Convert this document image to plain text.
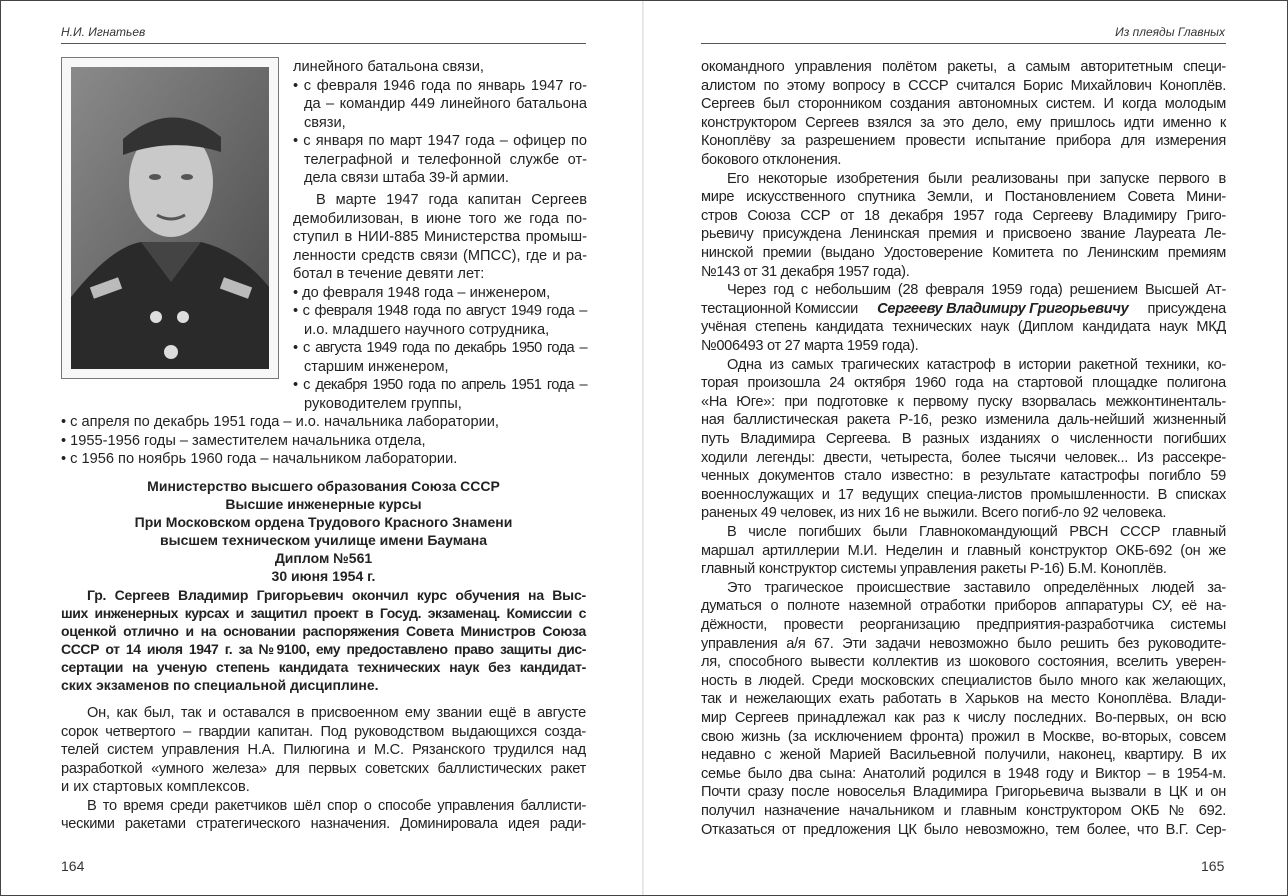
Н.И. Игнатьев
линейного батальона связи,
• с февраля 1946 года по январь 1947 го-
да – командир 449 линейного батальона
связи,
• с января по март 1947 года – офицер по
телеграфной и телефонной службе от-
дела связи штаба 39-й армии.
В марте 1947 года капитан Сергеев
демобилизован, в июне того же года по-
ступил в НИИ-885 Министерства промыш-
ленности средств связи (МПСС), где и ра-
ботал в течение девяти лет:
• до февраля 1948 года – инженером,
• с февраля 1948 года по август 1949 года –
и.о. младшего научного сотрудника,
• с августа 1949 года по декабрь 1950 года –
старшим инженером,
• с декабря 1950 года по апрель 1951 года –
руководителем группы,
• с апреля по декабрь 1951 года – и.о. начальника лаборатории,
• 1955-1956 годы – заместителем начальника отдела,
• с 1956 по ноябрь 1960 года – начальником лаборатории.
Министерство высшего образования Союза СССР
Высшие инженерные курсы
При Московском ордена Трудового Красного Знамени
высшем техническом училище имени Баумана
Диплом №561
30 июня 1954 г.
Гр. Сергеев Владимир Григорьевич окончил курс обучения на Выс-
ших инженерных курсах и защитил проект в Госуд. экзаменац. Комиссии с
оценкой отлично и на основании распоряжения Совета Министров Союза
СССР от 14 июля 1947 г. за №9100, ему предоставлено право защиты дис-
сертации на ученую степень кандидата технических наук без кандидат-
ских экзаменов по специальной дисциплине.
Он, как был, так и оставался в присвоенном ему звании ещё в августе
сорок четвертого – гвардии капитан. Под руководством выдающихся созда-
телей систем управления Н.А. Пилюгина и М.С. Рязанского трудился над
разработкой «умного железа» для первых советских баллистических ракет
и их стартовых комплексов.
В то время среди ракетчиков шёл спор о способе управления баллисти-
ческими ракетами стратегического назначения. Доминировала идея ради-
164
Из плеяды Главных
окомандного управления полётом ракеты, а самым авторитетным специ-
алистом по этому вопросу в СССР считался Борис Михайлович Коноплёв.
Сергеев был сторонником создания автономных систем. И когда молодым
конструктором Сергеев взялся за это дело, ему пришлось идти именно к
Коноплёву за разрешением провести испытание прибора для измерения
бокового отклонения.
Его некоторые изобретения были реализованы при запуске первого в
мире искусственного спутника Земли, и Постановлением Совета Мини-
стров Союза ССР от 18 декабря 1957 года Сергееву Владимиру Григо-
рьевичу присуждена Ленинская премия и присвоено звание Лауреата Ле-
нинской премии (выдано Удостоверение Комитета по Ленинским премиям
№143 от 31 декабря 1957 года).
Через год с небольшим (28 февраля 1959 года) решением Высшей Ат-
учёная степень кандидата технических наук (Диплом кандидата наук МКД
№006493 от 27 марта 1959 года).
Одна из самых трагических катастроф в истории ракетной техники, ко-
торая произошла 24 октября 1960 года на стартовой площадке полигона
«На Юге»: при подготовке к первому пуску взорвалась межконтиненталь-
ная баллистическая ракета Р-16, резко изменила даль-нейший жизненный
путь Владимира Сергеева. В разных изданиях о численности погибших
ходили легенды: двести, четыреста, более тысячи человек... Из рассекре-
ченных документов стало известно: в результате катастрофы погибло 59
военнослужащих и 17 ведущих специа-листов промышленности. В списках
раненых 49 человек, из них 16 не выжили. Всего погиб-ло 92 человека.
В числе погибших были Главнокомандующий РВСН СССР главный
маршал артиллерии М.И. Неделин и главный конструктор ОКБ-692 (он же
главный конструктор системы управления ракеты Р-16) Б.М. Коноплёв.
Это трагическое происшествие заставило определённых людей за-
думаться о полноте наземной отработки приборов аппаратуры СУ, её на-
дёжности, провести реорганизацию предприятия-разработчика системы
управления а/я 67. Эти задачи невозможно было решить без руководите-
ля, способного вывести коллектив из шокового состояния, вселить уверен-
ность в людей. Среди московских специалистов было много как желающих,
так и нежелающих ехать работать в Харьков на место Коноплёва. Влади-
мир Сергеев принадлежал как раз к числу последних. Во-первых, он всю
свою жизнь (за исключением фронта) прожил в Москве, во-вторых, совсем
недавно с женой Марией Васильевной получили, наконец, квартиру. В их
семье было два сына: Анатолий родился в 1948 году и Виктор – в 1954-м.
Почти сразу после новоселья Владимира Григорьевича вызвали в ЦК и он
получил назначение начальником и главным конструктором ОКБ № 692.
Отказаться от предложения ЦК было невозможно, тем более, что В.Г. Сер-
тестационной Комиссии Сергееву Владимиру Григорьевичу присуждена
165
